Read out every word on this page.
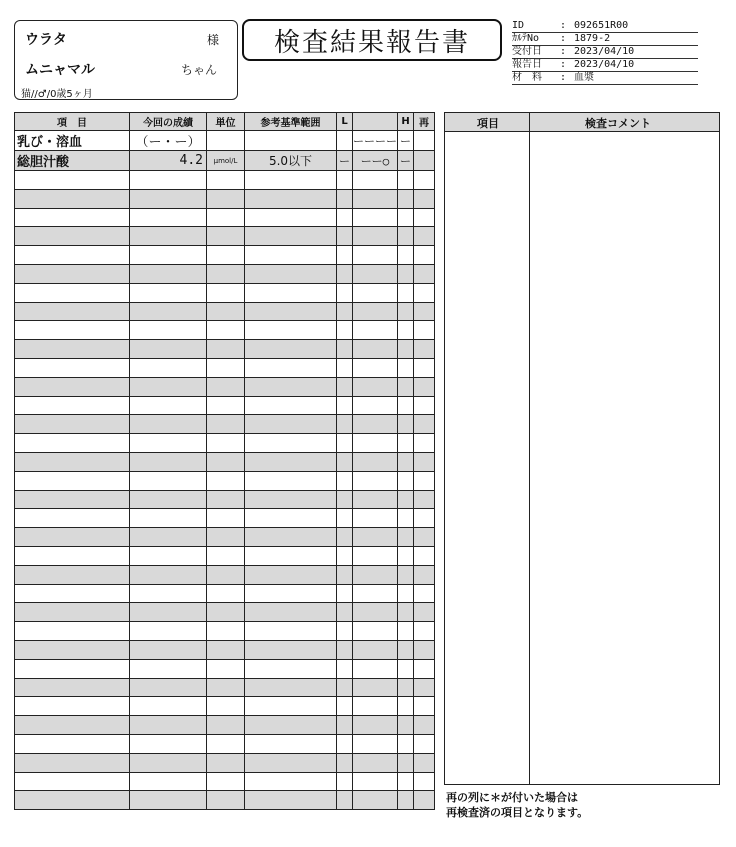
ウラタ	様
ムニャマル	ちゃん
猫//♂/0歳5ヶ月
検査結果報告書
ID	: 092651R00
ｶﾙﾃNo : 1879-2
受付日 : 2023/04/10
報告日 : 2023/04/10
材　料 : 血漿
項　目	今回の成績	単位	参考基準範囲	L		H	再
乳び・溶血	（ー・ー）				ーーーー	ー	
総胆汁酸	4.2	μmol/L	5.0以下	ー	ーー○	ー	

項目	検査コメント
再の列に＊が付いた場合は
再検査済の項目となります。
